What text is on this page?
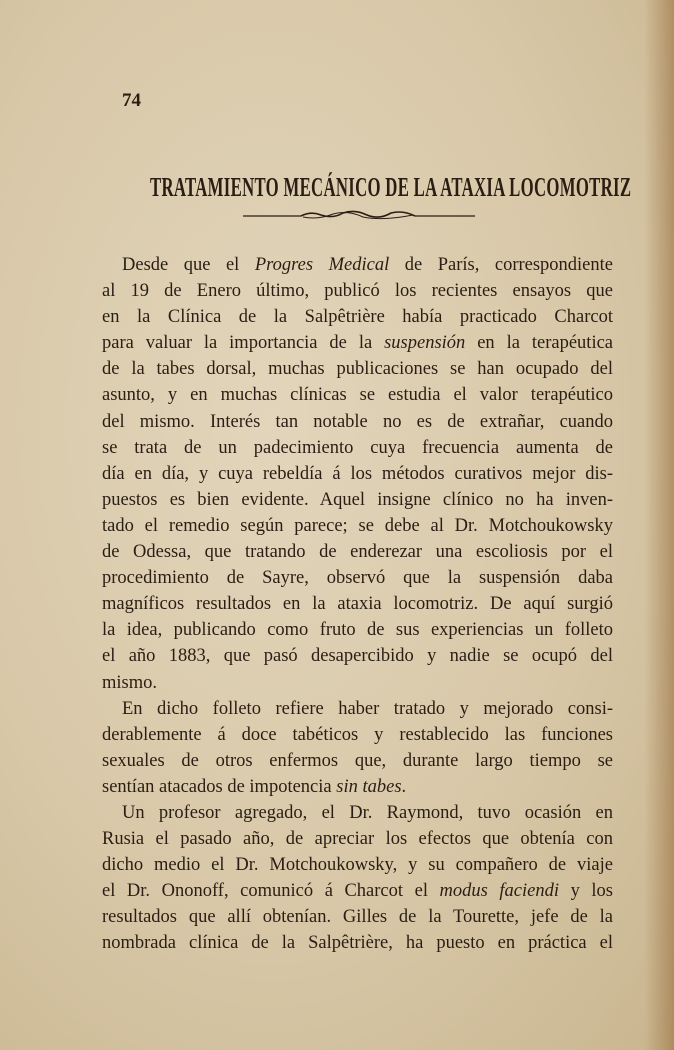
74
TRATAMIENTO MECÁNICO DE LA ATAXIA LOCOMOTRIZ
Desde que el Progres Medical de París, correspondiente
al 19 de Enero último, publicó los recientes ensayos que
en la Clínica de la Salpêtrière había practicado Charcot
para valuar la importancia de la suspensión en la terapéutica
de la tabes dorsal, muchas publicaciones se han ocupado del
asunto, y en muchas clínicas se estudia el valor terapéutico
del mismo. Interés tan notable no es de extrañar, cuando
se trata de un padecimiento cuya frecuencia aumenta de
día en día, y cuya rebeldía á los métodos curativos mejor dis-
puestos es bien evidente. Aquel insigne clínico no ha inven-
tado el remedio según parece; se debe al Dr. Motchoukowsky
de Odessa, que tratando de enderezar una escoliosis por el
procedimiento de Sayre, observó que la suspensión daba
magníficos resultados en la ataxia locomotriz. De aquí surgió
la idea, publicando como fruto de sus experiencias un folleto
el año 1883, que pasó desapercibido y nadie se ocupó del
mismo.
En dicho folleto refiere haber tratado y mejorado consi-
derablemente á doce tabéticos y restablecido las funciones
sexuales de otros enfermos que, durante largo tiempo se
sentían atacados de impotencia sin tabes.
Un profesor agregado, el Dr. Raymond, tuvo ocasión en
Rusia el pasado año, de apreciar los efectos que obtenía con
dicho medio el Dr. Motchoukowsky, y su compañero de viaje
el Dr. Ononoff, comunicó á Charcot el modus faciendi y los
resultados que allí obtenían. Gilles de la Tourette, jefe de la
nombrada clínica de la Salpêtrière, ha puesto en práctica el
